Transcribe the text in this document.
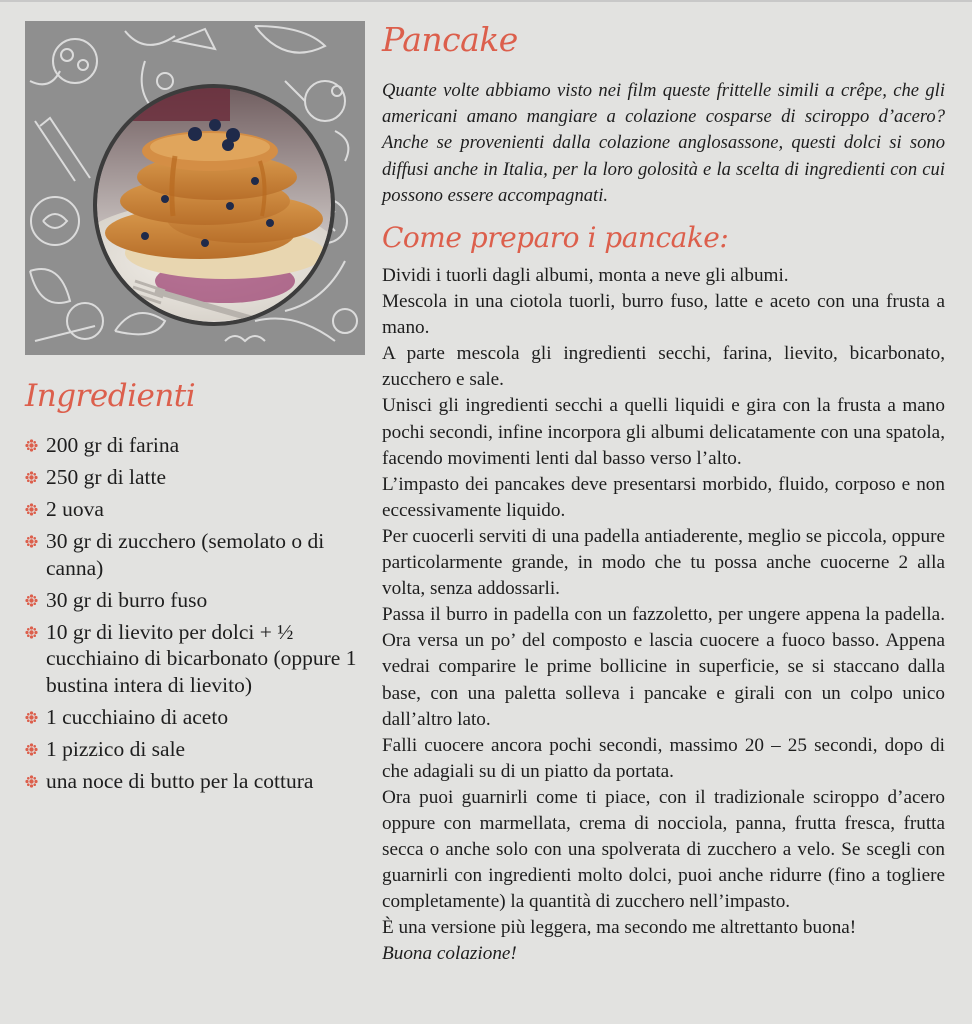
Ingredienti
200 gr di farina
250 gr di latte
2 uova
30 gr di zucchero (semolato o di canna)
30 gr di burro fuso
10 gr di lievito per dolci + ½ cucchiaino di bicarbonato (oppure 1 bustina intera di lievito)
1 cucchiaino di aceto
1 pizzico di sale
una noce di butto per la cottura
Pancake

Quante volte abbiamo visto nei film queste frittelle simili a crêpe, che gli americani amano mangiare a colazione cosparse di sciroppo d’acero? Anche se provenienti dalla colazione anglosassone, questi dolci si sono diffusi anche in Italia, per la loro golosità e la scelta di ingredienti con cui possono essere accompagnati.

Come preparo i pancake:

Dividi i tuorli dagli albumi, monta a neve gli albumi.

Mescola in una ciotola tuorli, burro fuso, latte e aceto con una frusta a mano.

A parte mescola gli ingredienti secchi, farina, lievito, bicarbonato, zucchero e sale.

Unisci gli ingredienti secchi a quelli liquidi e gira con la frusta a mano pochi secondi, infine incorpora gli albumi delicatamente con una spatola, facendo movimenti lenti dal basso verso l’alto.

L’impasto dei pancakes deve presentarsi morbido, fluido, corposo e non eccessivamente liquido.

Per cuocerli serviti di una padella antiaderente, meglio se piccola, oppure particolarmente grande, in modo che tu possa anche cuocerne 2 alla volta, senza addossarli.

Passa il burro in padella con un fazzoletto, per ungere appena la padella. Ora versa un po’ del composto e lascia cuocere a fuoco basso. Appena vedrai comparire le prime bollicine in superficie, se si staccano dalla base, con una paletta solleva i pancake e girali con un colpo unico dall’altro lato.

Falli cuocere ancora pochi secondi, massimo 20 – 25 secondi, dopo di che adagiali su di un piatto da portata.

Ora puoi guarnirli come ti piace, con il tradizionale sciroppo d’acero oppure con marmellata, crema di nocciola, panna, frutta fresca, frutta secca o anche solo con una spolverata di zucchero a velo. Se scegli con guarnirli con ingredienti molto dolci, puoi anche ridurre (fino a togliere completamente) la quantità di zucchero nell’impasto.

È una versione più leggera, ma secondo me altrettanto buona!

Buona colazione!
